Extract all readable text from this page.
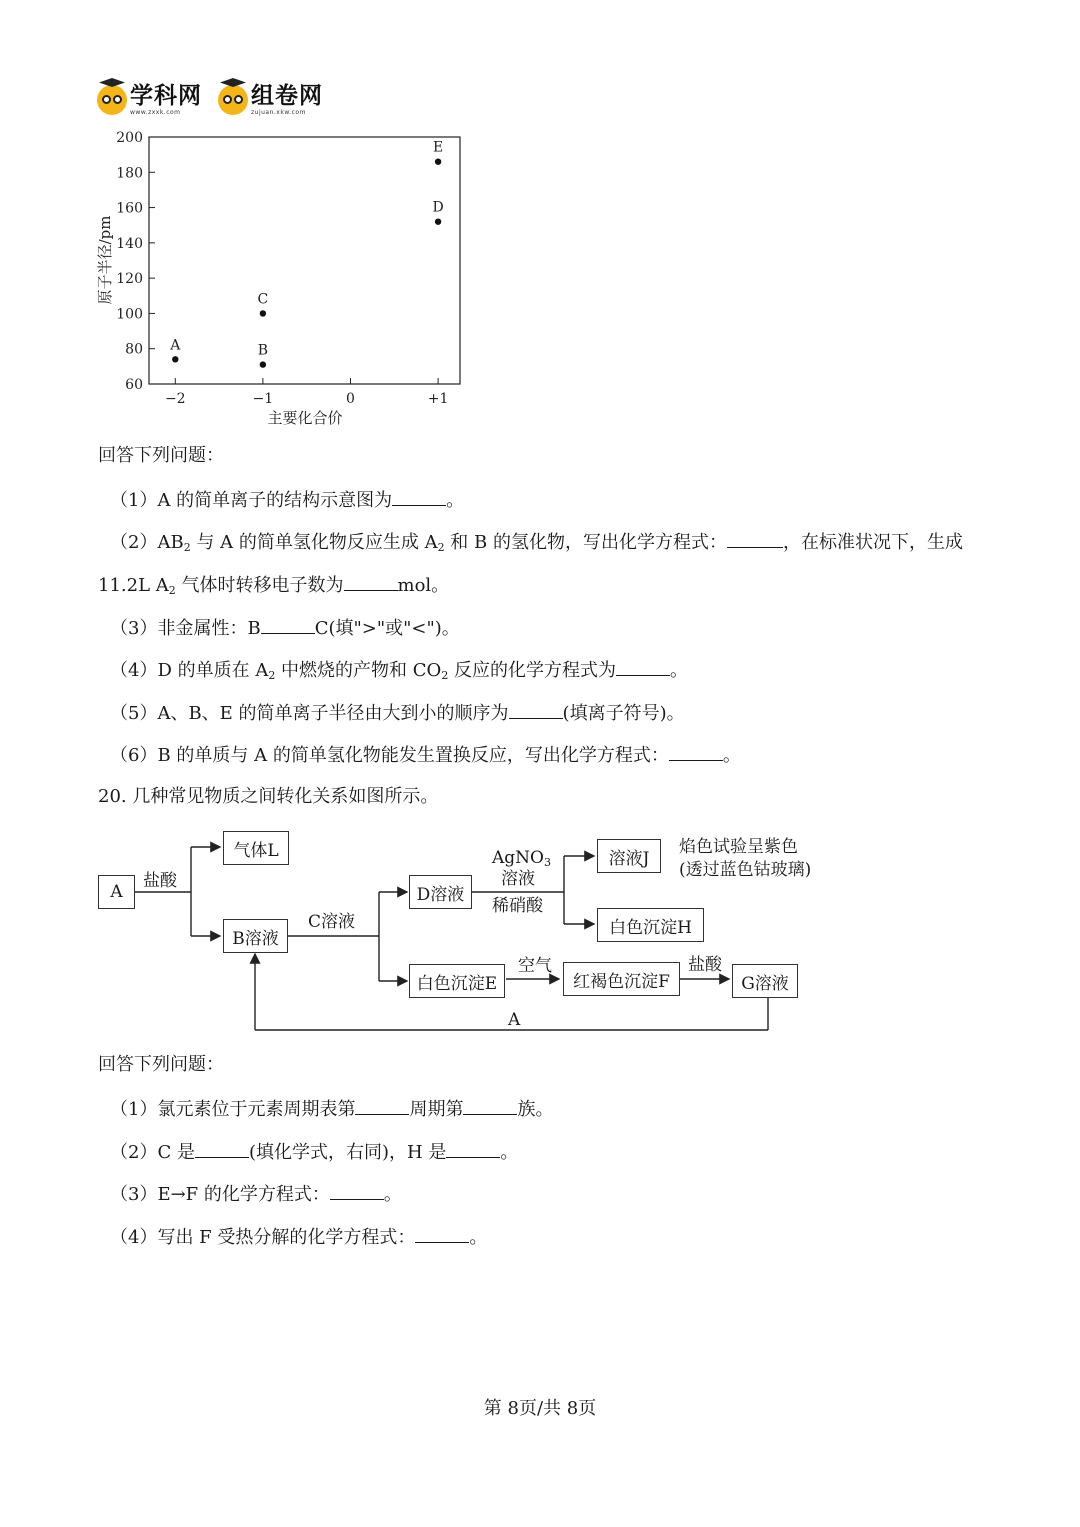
学科网
www.zxxk.com
组卷网
zujuan.xkw.com
60
80
100
120
140
160
180
200
−2	−1	0	+1
A	B
C
D
E
主要化合价
原子半径/pm
回答下列问题：
（1）A 的简单离子的结构示意图为	。
$(2)AB_2$ 与 A 的简单氢化物反应生成 $A_2$ 和 B 的氢化物，写出化学方程式：	，在标准状况下，生成
11.2L $A_2$ 气体时转移电子数为	mol。
（3）非金属性：B	C(填">"或"<")。
（4）D 的单质在 $A_2$ 中燃烧的产物和 $CO_2$ 反应的化学方程式为	。
（5）A、B、E 的简单离子半径由大到小的顺序为	(填离子符号)。
（6）B 的单质与 A 的简单氢化物能发生置换反应，写出化学方程式：	。
20. 几种常见物质之间转化关系如图所示。
A
盐酸
气体L
B溶液
C溶液
D溶液
白色沉淀E
AgNO$_3$
溶液
稀硝酸
溶液J
焰色试验呈紫色
(透过蓝色钴玻璃)
白色沉淀H
空气
红褐色沉淀F
盐酸
G溶液
A
回答下列问题：
（1）氯元素位于元素周期表第	周期第	族。
（2）C 是	(填化学式，右同)，H 是	。
（3）E→F 的化学方程式：	。
（4）写出 F 受热分解的化学方程式：	。
第 8页/共 8页
